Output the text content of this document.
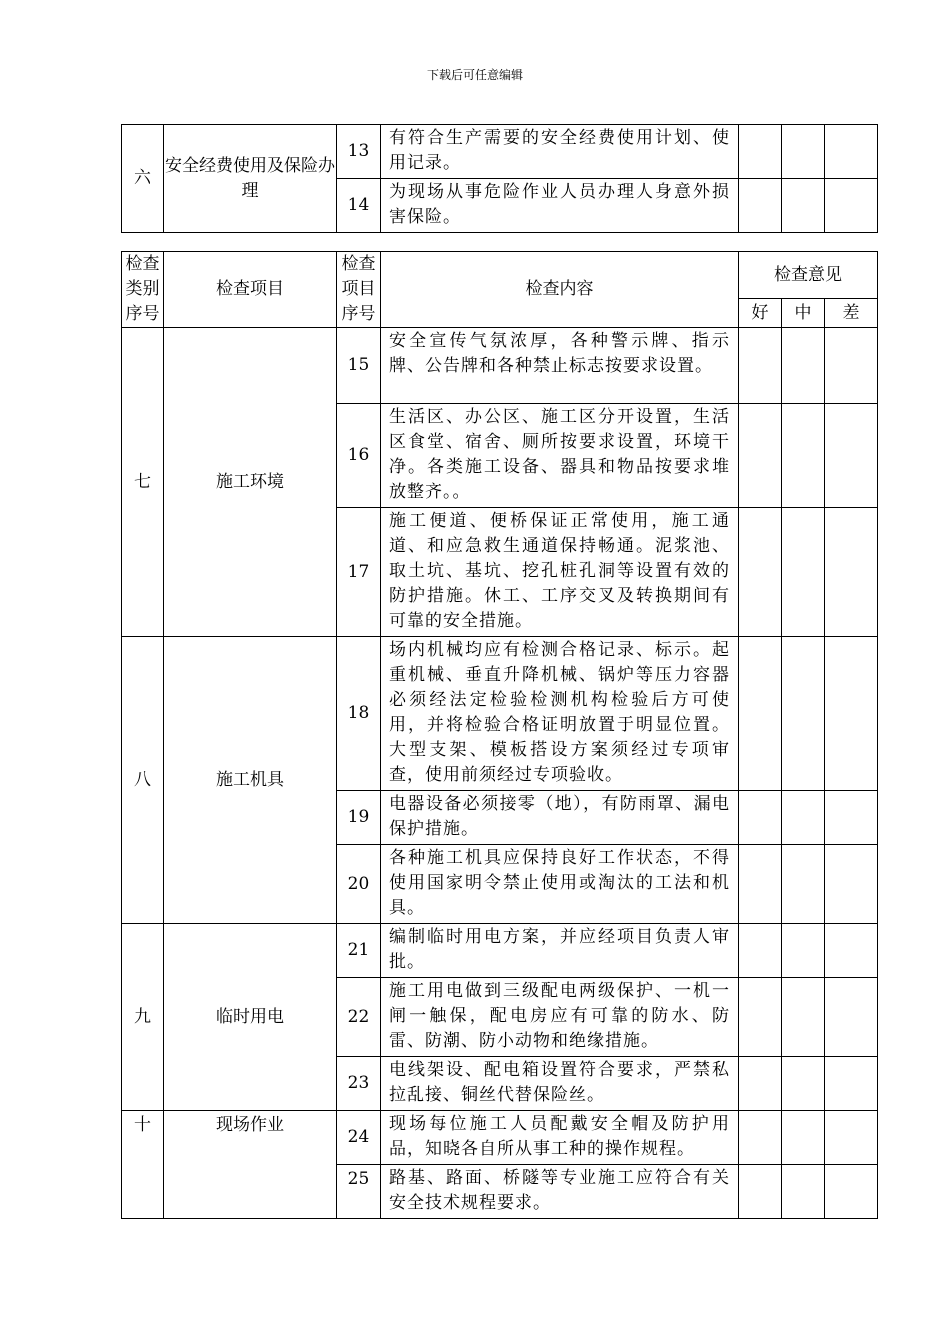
下载后可任意编辑
六	安全经费使用及保险办理	13	有符合生产需要的安全经费使用计划、使用记录。			
		14	为现场从事危险作业人员办理人身意外损害保险。			
检查类别序号	检查项目	检查项目序号	检查内容	检查意见		
				好	中	差
七	施工环境	15	安全宣传气氛浓厚，各种警示牌、指示牌、公告牌和各种禁止标志按要求设置。			
		16	生活区、办公区、施工区分开设置，生活区食堂、宿舍、厕所按要求设置，环境干净。各类施工设备、器具和物品按要求堆放整齐。。			
		17	施工便道、便桥保证正常使用，施工通道、和应急救生通道保持畅通。泥浆池、取土坑、基坑、挖孔桩孔洞等设置有效的防护措施。休工、工序交叉及转换期间有可靠的安全措施。			
八	施工机具	18	场内机械均应有检测合格记录、标示。起重机械、垂直升降机械、锅炉等压力容器必须经法定检验检测机构检验后方可使用，并将检验合格证明放置于明显位置。大型支架、模板搭设方案须经过专项审查，使用前须经过专项验收。			
		19	电器设备必须接零（地），有防雨罩、漏电保护措施。			
		20	各种施工机具应保持良好工作状态，不得使用国家明令禁止使用或淘汰的工法和机具。			
九	临时用电	21	编制临时用电方案，并应经项目负责人审批。			
		22	施工用电做到三级配电两级保护、一机一闸一触保，配电房应有可靠的防水、防雷、防潮、防小动物和绝缘措施。			
		23	电线架设、配电箱设置符合要求，严禁私拉乱接、铜丝代替保险丝。			
十	现场作业	24	现场每位施工人员配戴安全帽及防护用品，知晓各自所从事工种的操作规程。			
		25	路基、路面、桥隧等专业施工应符合有关安全技术规程要求。			
